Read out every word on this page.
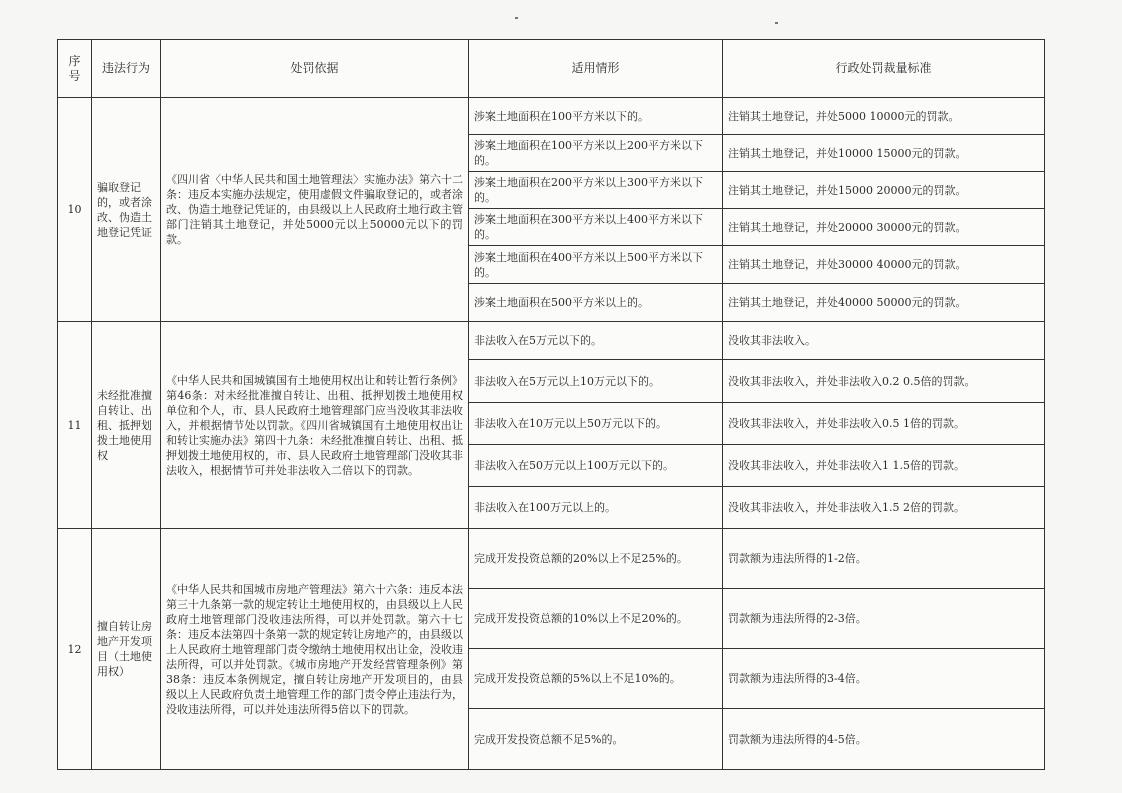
序号	违法行为	处罚依据	适用情形	行政处罚裁量标准
10	骗取登记的，或者涂改、伪造土地登记凭证	《四川省〈中华人民共和国土地管理法〉实施办法》第六十二条：违反本实施办法规定，使用虚假文件骗取登记的，或者涂改、伪造土地登记凭证的，由县级以上人民政府土地行政主管部门注销其土地登记，并处5000元以上50000元以下的罚款。	涉案土地面积在100平方米以下的。	注销其土地登记，并处5000 10000元的罚款。
			涉案土地面积在100平方米以上200平方米以下的。	注销其土地登记，并处10000 15000元的罚款。
			涉案土地面积在200平方米以上300平方米以下的。	注销其土地登记，并处15000 20000元的罚款。
			涉案土地面积在300平方米以上400平方米以下的。	注销其土地登记，并处20000 30000元的罚款。
			涉案土地面积在400平方米以上500平方米以下的。	注销其土地登记，并处30000 40000元的罚款。
			涉案土地面积在500平方米以上的。	注销其土地登记，并处40000 50000元的罚款。
11	未经批准擅自转让、出租、抵押划拨土地使用权	《中华人民共和国城镇国有土地使用权出让和转让暂行条例》第46条：对未经批准擅自转让、出租、抵押划拨土地使用权单位和个人，市、县人民政府土地管理部门应当没收其非法收入，并根据情节处以罚款。《四川省城镇国有土地使用权出让和转让实施办法》第四十九条：未经批准擅自转让、出租、抵押划拨土地使用权的，市、县人民政府土地管理部门没收其非法收入，根据情节可并处非法收入二倍以下的罚款。	非法收入在5万元以下的。	没收其非法收入。
			非法收入在5万元以上10万元以下的。	没收其非法收入，并处非法收入0.2 0.5倍的罚款。
			非法收入在10万元以上50万元以下的。	没收其非法收入，并处非法收入0.5 1倍的罚款。
			非法收入在50万元以上100万元以下的。	没收其非法收入，并处非法收入1 1.5倍的罚款。
			非法收入在100万元以上的。	没收其非法收入，并处非法收入1.5 2倍的罚款。
12	擅自转让房地产开发项目（土地使用权）	《中华人民共和国城市房地产管理法》第六十六条：违反本法第三十九条第一款的规定转让土地使用权的，由县级以上人民政府土地管理部门没收违法所得，可以并处罚款。第六十七条：违反本法第四十条第一款的规定转让房地产的，由县级以上人民政府土地管理部门责令缴纳土地使用权出让金，没收违法所得，可以并处罚款。《城市房地产开发经营管理条例》第38条：违反本条例规定，擅自转让房地产开发项目的，由县级以上人民政府负责土地管理工作的部门责令停止违法行为，没收违法所得，可以并处违法所得5倍以下的罚款。	完成开发投资总额的20%以上不足25%的。	罚款额为违法所得的1-2倍。
			完成开发投资总额的10%以上不足20%的。	罚款额为违法所得的2-3倍。
			完成开发投资总额的5%以上不足10%的。	罚款额为违法所得的3-4倍。
			完成开发投资总额不足5%的。	罚款额为违法所得的4-5倍。
